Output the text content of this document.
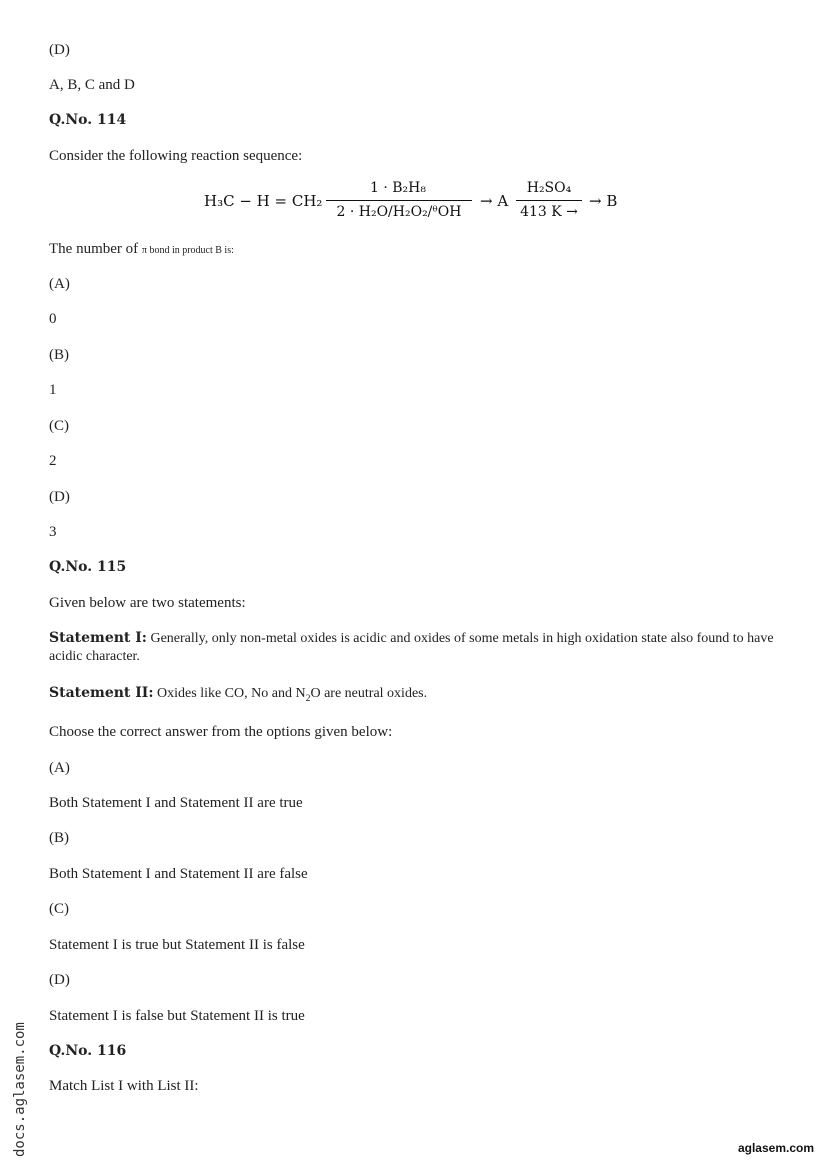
(D)
A, B, C and D
Q.No. 114
Consider the following reaction sequence:
H₃C − H = CH₂
1 · B₂H₈
2 · H₂O/H₂O₂/ᶿOH
→ A
H₂SO₄
413 K →
→ B
The number of π bond in product B is:
(A)
0
(B)
1
(C)
2
(D)
3
Q.No. 115
Given below are two statements:
Statement I: Generally, only non-metal oxides is acidic and oxides of some metals in high oxidation state also found to have acidic character.
Statement II: Oxides like CO, No and $N_2O$ are neutral oxides.
Choose the correct answer from the options given below:
(A)
Both Statement I and Statement II are true
(B)
Both Statement I and Statement II are false
(C)
Statement I is true but Statement II is false
(D)
Statement I is false but Statement II is true
Q.No. 116
Match List I with List II:
docs.aglasem.com	aglasem.com
